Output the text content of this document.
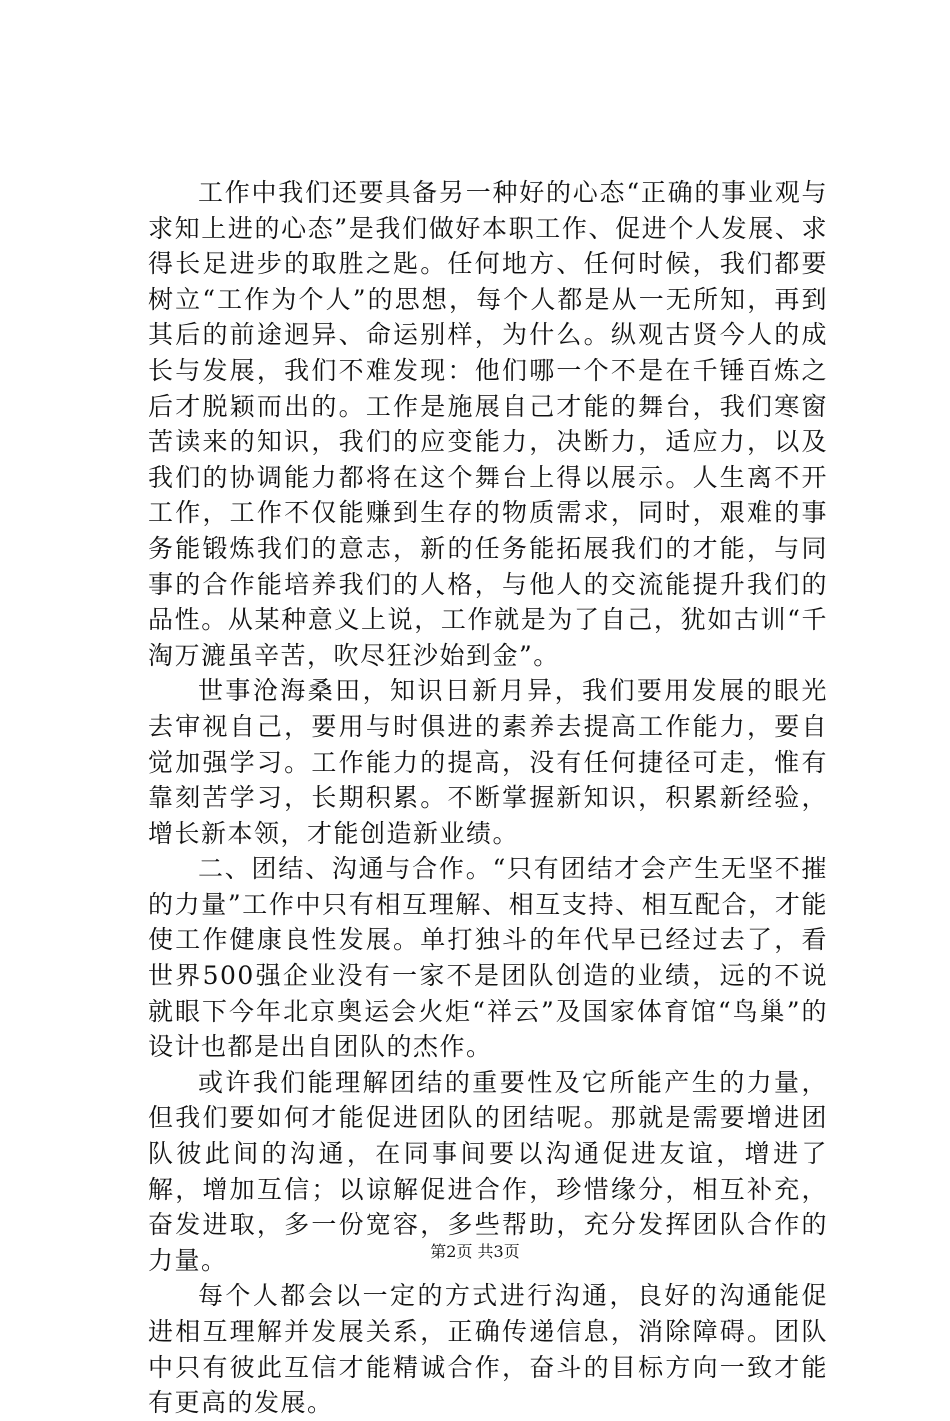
工作中我们还要具备另一种好的心态“正确的事业观与求知上进的心态”是我们做好本职工作、促进个人发展、求得长足进步的取胜之匙。任何地方、任何时候，我们都要树立“工作为个人”的思想，每个人都是从一无所知，再到其后的前途迥异、命运别样，为什么。纵观古贤今人的成长与发展，我们不难发现：他们哪一个不是在千锤百炼之后才脱颖而出的。工作是施展自己才能的舞台，我们寒窗苦读来的知识，我们的应变能力，决断力，适应力，以及我们的协调能力都将在这个舞台上得以展示。人生离不开工作，工作不仅能赚到生存的物质需求，同时，艰难的事务能锻炼我们的意志，新的任务能拓展我们的才能，与同事的合作能培养我们的人格，与他人的交流能提升我们的品性。从某种意义上说，工作就是为了自己，犹如古训“千淘万漉虽辛苦，吹尽狂沙始到金”。

世事沧海桑田，知识日新月异，我们要用发展的眼光去审视自己，要用与时俱进的素养去提高工作能力，要自觉加强学习。工作能力的提高，没有任何捷径可走，惟有靠刻苦学习，长期积累。不断掌握新知识，积累新经验，增长新本领，才能创造新业绩。

二、团结、沟通与合作。“只有团结才会产生无坚不摧的力量”工作中只有相互理解、相互支持、相互配合，才能使工作健康良性发展。单打独斗的年代早已经过去了，看世界500强企业没有一家不是团队创造的业绩，远的不说就眼下今年北京奥运会火炬“祥云”及国家体育馆“鸟巢”的设计也都是出自团队的杰作。

或许我们能理解团结的重要性及它所能产生的力量，但我们要如何才能促进团队的团结呢。那就是需要增进团队彼此间的沟通，在同事间要以沟通促进友谊，增进了解，增加互信；以谅解促进合作，珍惜缘分，相互补充，奋发进取，多一份宽容，多些帮助，充分发挥团队合作的力量。

每个人都会以一定的方式进行沟通，良好的沟通能促进相互理解并发展关系，正确传递信息，消除障碍。团队中只有彼此互信才能精诚合作，奋斗的目标方向一致才能有更高的发展。

第2页 共3页
